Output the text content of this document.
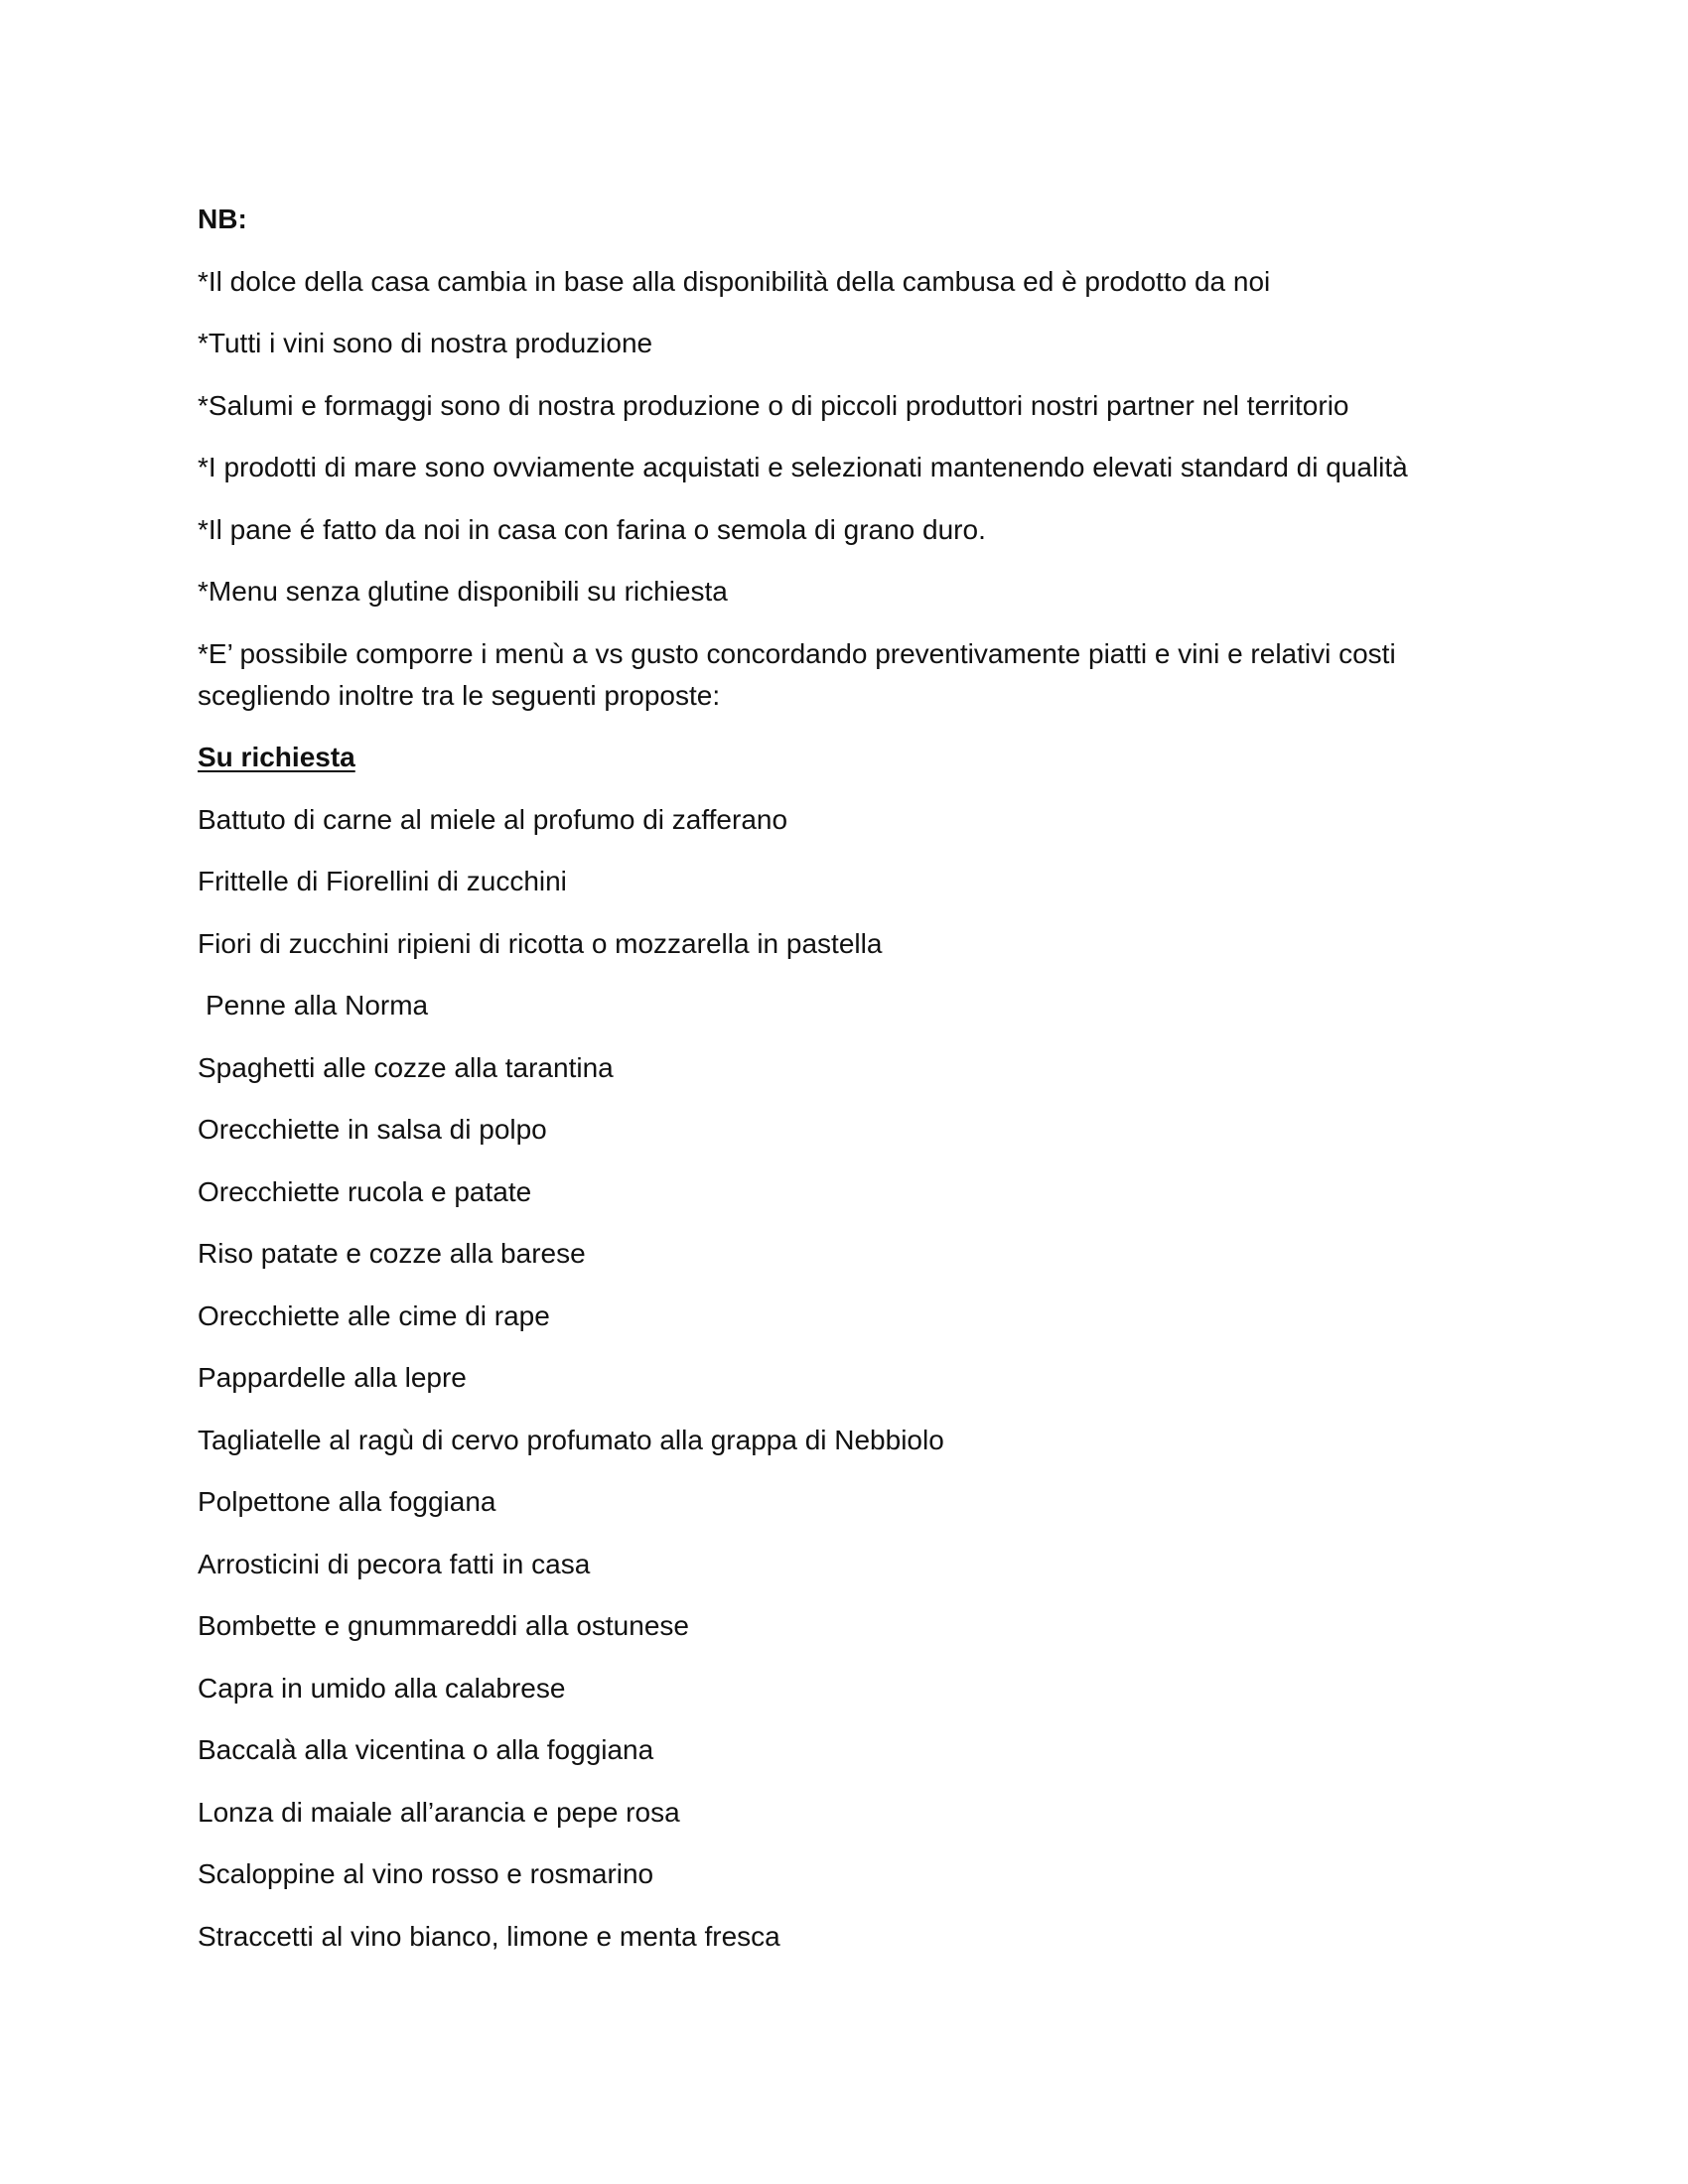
NB:
*Il dolce della casa cambia in base alla disponibilità della cambusa ed è prodotto da noi
*Tutti i vini sono di nostra produzione
*Salumi e formaggi sono di nostra produzione o di piccoli produttori nostri partner nel territorio
*I prodotti di mare sono ovviamente acquistati e selezionati mantenendo elevati standard di qualità
*Il pane é fatto da noi in casa con farina o semola di grano duro.
*Menu senza glutine disponibili su richiesta
*E’ possibile comporre i menù a vs gusto concordando preventivamente piatti e vini e relativi costi scegliendo inoltre tra le seguenti proposte:
Su richiesta
Battuto di carne al miele al profumo di zafferano
Frittelle di Fiorellini di zucchini
Fiori di zucchini ripieni di ricotta o mozzarella in pastella
Penne alla Norma
Spaghetti alle cozze alla tarantina
Orecchiette in salsa di polpo
Orecchiette rucola e patate
Riso patate e cozze alla barese
Orecchiette alle cime di rape
Pappardelle alla lepre
Tagliatelle al ragù di cervo profumato alla grappa di Nebbiolo
Polpettone alla foggiana
Arrosticini di pecora fatti in casa
Bombette e gnummareddi alla ostunese
Capra in umido alla calabrese
Baccalà alla vicentina o alla foggiana
Lonza di maiale all’arancia e pepe rosa
Scaloppine al vino rosso e rosmarino
Straccetti al vino bianco, limone e menta fresca
